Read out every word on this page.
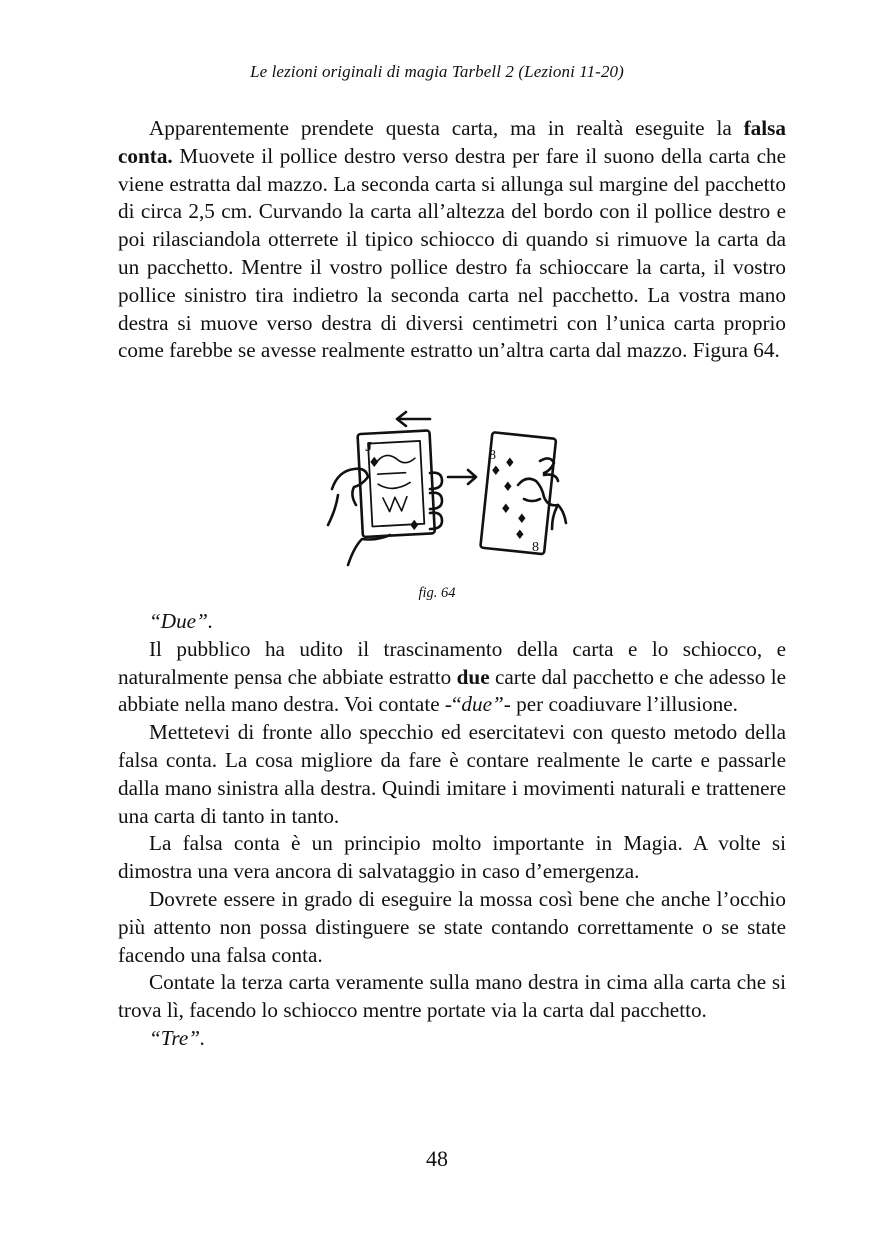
Le lezioni originali di magia Tarbell 2 (Lezioni 11-20)

Apparentemente prendete questa carta, ma in realtà eseguite la falsa conta. Muovete il pollice destro verso destra per fare il suono della carta che viene estratta dal mazzo. La seconda carta si allunga sul margine del pacchetto di circa 2,5 cm. Curvando la carta all’altezza del bordo con il pollice destro e poi rilasciandola otterrete il tipico schiocco di quando si rimuove la carta da un pacchetto. Mentre il vostro pollice destro fa schioccare la carta, il vostro pollice sinistro tira indietro la seconda carta nel pacchetto. La vostra mano destra si muove verso destra di diversi centimetri con l’unica carta proprio come farebbe se avesse realmente estratto un’altra carta dal mazzo. Figura 64.

J
♦
♦
8
8
♦
♦
♦
♦
♦
♦
fig. 64

“Due”.

Il pubblico ha udito il trascinamento della carta e lo schiocco, e naturalmente pensa che abbiate estratto due carte dal pacchetto e che adesso le abbiate nella mano destra. Voi contate -“due”- per coadiuvare l’illusione.

Mettetevi di fronte allo specchio ed esercitatevi con questo metodo della falsa conta. La cosa migliore da fare è contare realmente le carte e passarle dalla mano sinistra alla destra. Quindi imitare i movimenti naturali e trattenere una carta di tanto in tanto.

La falsa conta è un principio molto importante in Magia. A volte si dimostra una vera ancora di salvataggio in caso d’emergenza.

Dovrete essere in grado di eseguire la mossa così bene che anche l’occhio più attento non possa distinguere se state contando correttamente o se state facendo una falsa conta.

Contate la terza carta veramente sulla mano destra in cima alla carta che si trova lì, facendo lo schiocco mentre portate via la carta dal pacchetto.

“Tre”.

48
